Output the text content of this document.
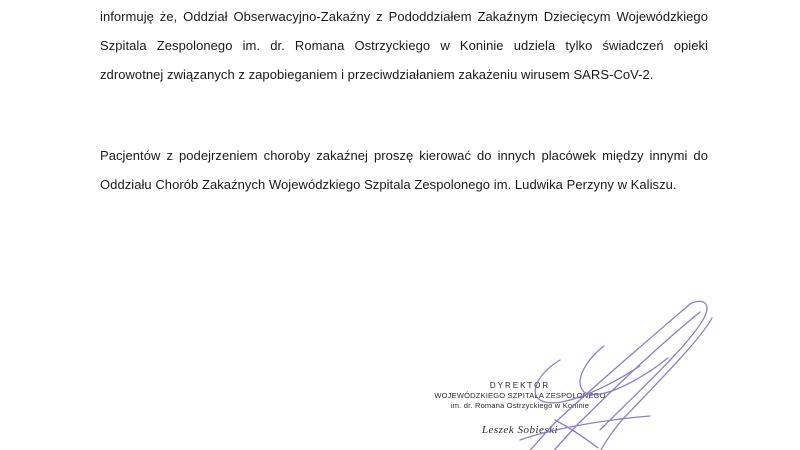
informuję że, Oddział Obserwacyjno-Zakaźny z Pododdziałem Zakaźnym Dziecięcym Wojewódzkiego
Szpitala Zespolonego im. dr. Romana Ostrzyckiego w Koninie udziela tylko świadczeń opieki
zdrowotnej związanych z zapobieganiem i przeciwdziałaniem zakażeniu wirusem SARS-CoV-2.
Pacjentów z podejrzeniem choroby zakaźnej proszę kierować do innych placówek między innymi do
Oddziału Chorób Zakaźnych Wojewódzkiego Szpitala Zespolonego im. Ludwika Perzyny w Kaliszu.
DYREKTOR
WOJEWÓDZKIEGO SZPITALA ZESPOLONEGO
im. dr. Romana Ostrzyckiego w Koninie
Leszek Sobieski
